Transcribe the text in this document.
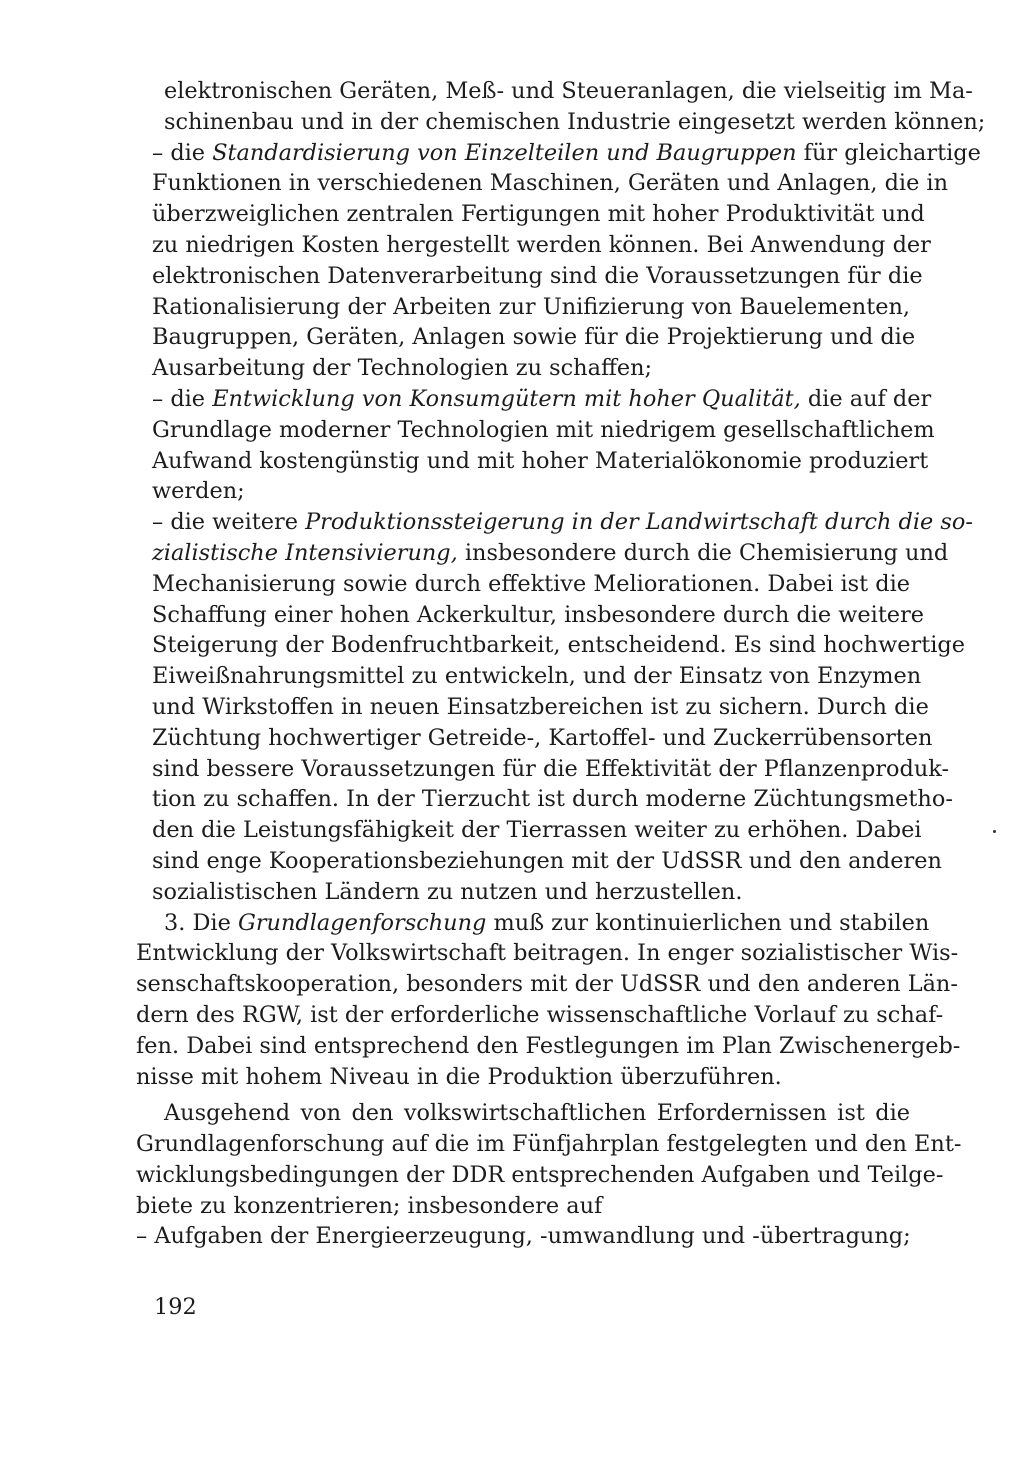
elektronischen Geräten, Meß- und Steueranlagen, die vielseitig im Ma-
schinenbau und in der chemischen Industrie eingesetzt werden können;
– die Standardisierung von Einzelteilen und Baugruppen für gleichartige
Funktionen in verschiedenen Maschinen, Geräten und Anlagen, die in
überzweiglichen zentralen Fertigungen mit hoher Produktivität und
zu niedrigen Kosten hergestellt werden können. Bei Anwendung der
elektronischen Datenverarbeitung sind die Voraussetzungen für die
Rationalisierung der Arbeiten zur Unifizierung von Bauelementen,
Baugruppen, Geräten, Anlagen sowie für die Projektierung und die
Ausarbeitung der Technologien zu schaffen;
– die Entwicklung von Konsumgütern mit hoher Qualität, die auf der
Grundlage moderner Technologien mit niedrigem gesellschaftlichem
Aufwand kostengünstig und mit hoher Materialökonomie produziert
werden;
– die weitere Produktionssteigerung in der Landwirtschaft durch die so-
zialistische Intensivierung, insbesondere durch die Chemisierung und
Mechanisierung sowie durch effektive Meliorationen. Dabei ist die
Schaffung einer hohen Ackerkultur, insbesondere durch die weitere
Steigerung der Bodenfruchtbarkeit, entscheidend. Es sind hochwertige
Eiweißnahrungsmittel zu entwickeln, und der Einsatz von Enzymen
und Wirkstoffen in neuen Einsatzbereichen ist zu sichern. Durch die
Züchtung hochwertiger Getreide-, Kartoffel- und Zuckerrübensorten
sind bessere Voraussetzungen für die Effektivität der Pflanzenproduk-
tion zu schaffen. In der Tierzucht ist durch moderne Züchtungsmetho-
den die Leistungsfähigkeit der Tierrassen weiter zu erhöhen. Dabei
sind enge Kooperationsbeziehungen mit der UdSSR und den anderen
sozialistischen Ländern zu nutzen und herzustellen.
3. Die Grundlagenforschung muß zur kontinuierlichen und stabilen
Entwicklung der Volkswirtschaft beitragen. In enger sozialistischer Wis-
senschaftskooperation, besonders mit der UdSSR und den anderen Län-
dern des RGW, ist der erforderliche wissenschaftliche Vorlauf zu schaf-
fen. Dabei sind entsprechend den Festlegungen im Plan Zwischenergeb-
nisse mit hohem Niveau in die Produktion überzuführen.
Ausgehend von den volkswirtschaftlichen Erfordernissen ist die
Grundlagenforschung auf die im Fünfjahrplan festgelegten und den Ent-
wicklungsbedingungen der DDR entsprechenden Aufgaben und Teilge-
biete zu konzentrieren; insbesondere auf
– Aufgaben der Energieerzeugung, -umwandlung und -übertragung;
192
